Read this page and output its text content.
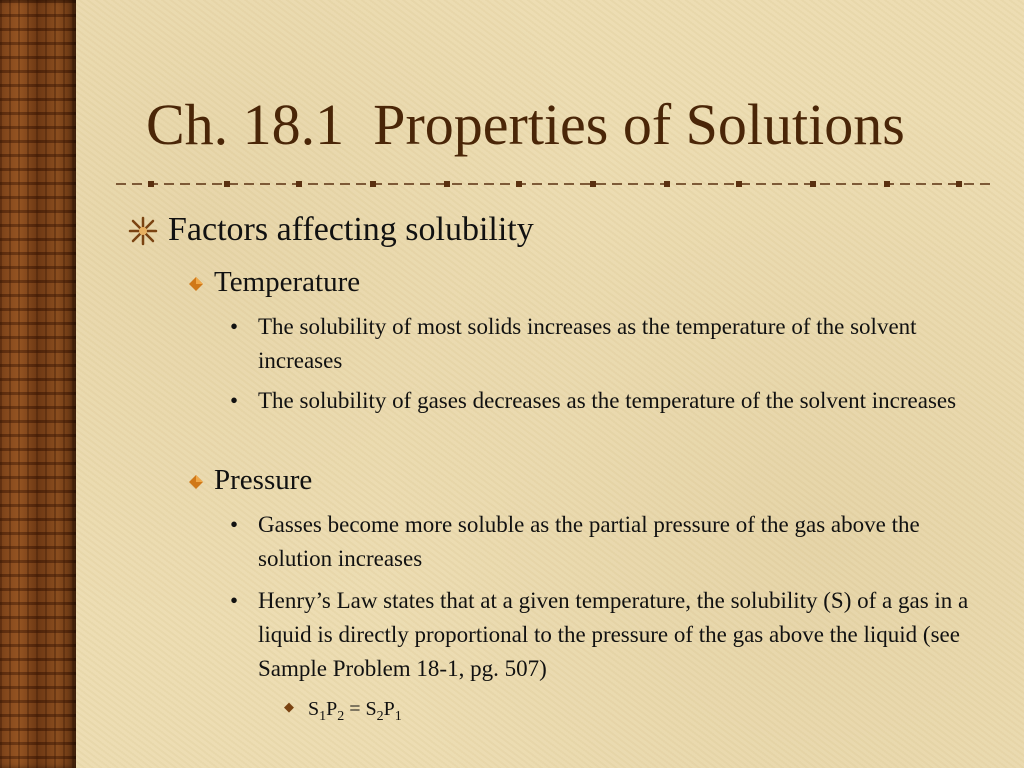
Ch. 18.1  Properties of Solutions
Factors affecting solubility
Temperature
• The solubility of most solids increases as the temperature of the solvent increases
• The solubility of gases decreases as the temperature of the solvent increases
Pressure
• Gasses become more soluble as the partial pressure of the gas above the solution increases
• Henry’s Law states that at a given temperature, the solubility (S) of a gas in a liquid is directly proportional to the pressure of the gas above the liquid (see Sample Problem 18-1, pg. 507)
◆ $S_1P_2 = S_2P_1$
